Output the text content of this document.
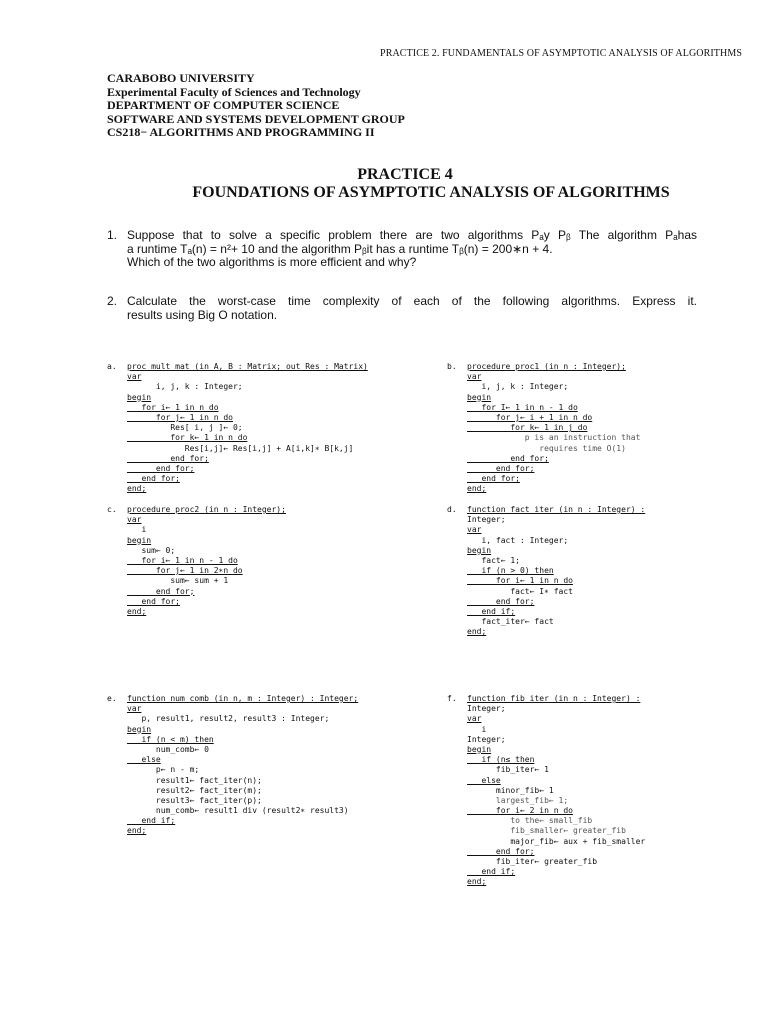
PRACTICE 2. FUNDAMENTALS OF ASYMPTOTIC ANALYSIS OF ALGORITHMS
CARABOBO UNIVERSITY
Experimental Faculty of Sciences and Technology
DEPARTMENT OF COMPUTER SCIENCE
SOFTWARE AND SYSTEMS DEVELOPMENT GROUP
CS218− ALGORITHMS AND PROGRAMMING II
PRACTICE 4
FOUNDATIONS OF ASYMPTOTIC ANALYSIS OF ALGORITHMS
1. Suppose that to solve a specific problem there are two algorithms Pₐy Pᵦ The algorithm Pₐhas
a runtime Tₐ(n) = n²+ 10 and the algorithm Pᵦit has a runtime Tᵦ(n) = 200∗n + 4.
Which of the two algorithms is more efficient and why?
2. Calculate the worst-case time complexity of each of the following algorithms. Express it.
results using Big O notation.
a. proc mult_mat (in A, B : Matrix; out Res : Matrix)
var
i, j, k : Integer;
begin
for i← 1 in n do
for j← 1 in n do
Res[ i, j ]← 0;
for k← 1 in n do
Res[i,j]← Res[i,j] + A[i,k]∗ B[k,j]
end_for;
end_for;
end_for;
end;
b. procedure proc1 (in n : Integer);
var
i, j, k : Integer;
begin
for I← 1 in n - 1 do
for j← i + 1 in n do
for k← 1 in j do
p is an instruction that
requires time O(1)
end_for;
end_for;
end_for;
end;
c. procedure proc2 (in n : Integer);
var
i
begin
sum← 0;
for i← 1 in n - 1 do
for j← 1 in 2∗n do
sum← sum + 1
end_for;
end_for;
end;
d. function fact_iter (in n : Integer) :
Integer;
var
i, fact : Integer;
begin
fact← 1;
if (n > 0) then
for i← 1 in n do
fact← I∗ fact
end_for;
end_if;
fact_iter← fact
end;
e. function num_comb (in n, m : Integer) : Integer;
var
p, result1, result2, result3 : Integer;
begin
if (n < m) then
num_comb← 0
else
p← n - m;
result1← fact_iter(n);
result2← fact_iter(m);
result3← fact_iter(p);
num_comb← result1 div (result2∗ result3)
end_if;
end;
f. function fib_iter (in n : Integer) :
Integer;
var
i
Integer;
begin
if (n≤ then
fib_iter← 1
else
minor_fib← 1
largest_fib← 1;
for i← 2 in n do
to the← small_fib
fib_smaller← greater_fib
major_fib← aux + fib_smaller
end_for;
fib_iter← greater_fib
end_if;
end;
